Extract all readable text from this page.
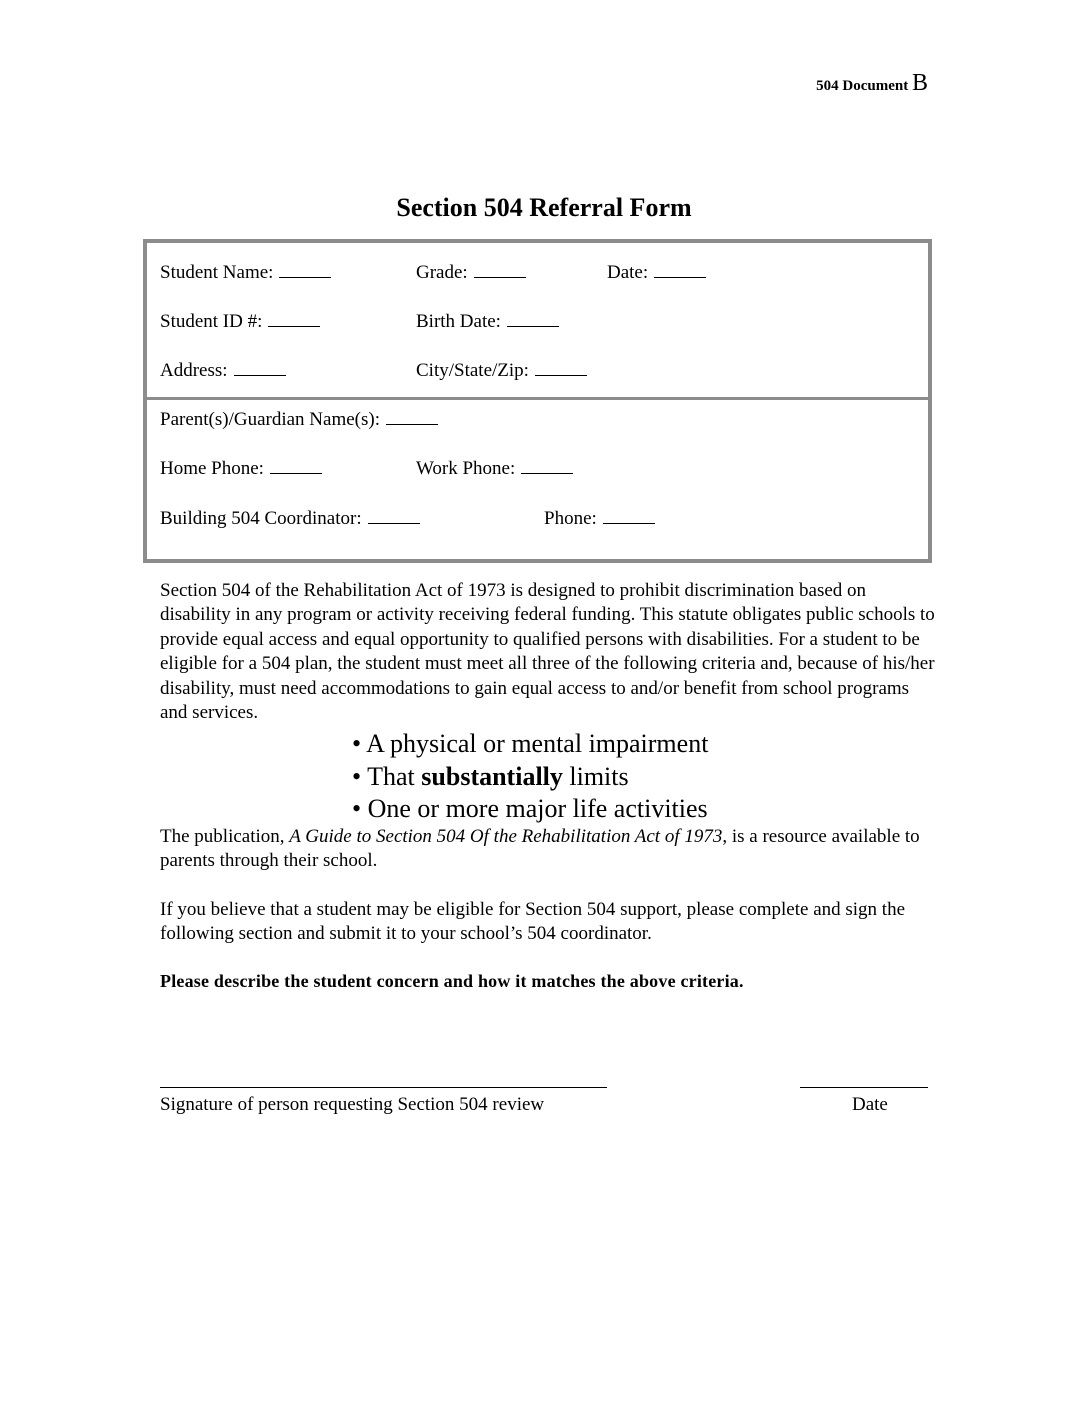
504 Document B
Section 504 Referral Form
Student Name:	Grade:	Date:
Student ID #:	Birth Date:
Address:	City/State/Zip:
Parent(s)/Guardian Name(s):
Home Phone:	Work Phone:
Building 504 Coordinator:	Phone:
Section 504 of the Rehabilitation Act of 1973 is designed to prohibit discrimination based on disability in any program or activity receiving federal funding. This statute obligates public schools to provide equal access and equal opportunity to qualified persons with disabilities. For a student to be eligible for a 504 plan, the student must meet all three of the following criteria and, because of his/her disability, must need accommodations to gain equal access to and/or benefit from school programs and services.
• A physical or mental impairment
• That substantially limits
• One or more major life activities
The publication, A Guide to Section 504 Of the Rehabilitation Act of 1973, is a resource available to parents through their school.
If you believe that a student may be eligible for Section 504 support, please complete and sign the following section and submit it to your school’s 504 coordinator.
Please describe the student concern and how it matches the above criteria.
Signature of person requesting Section 504 review	Date
